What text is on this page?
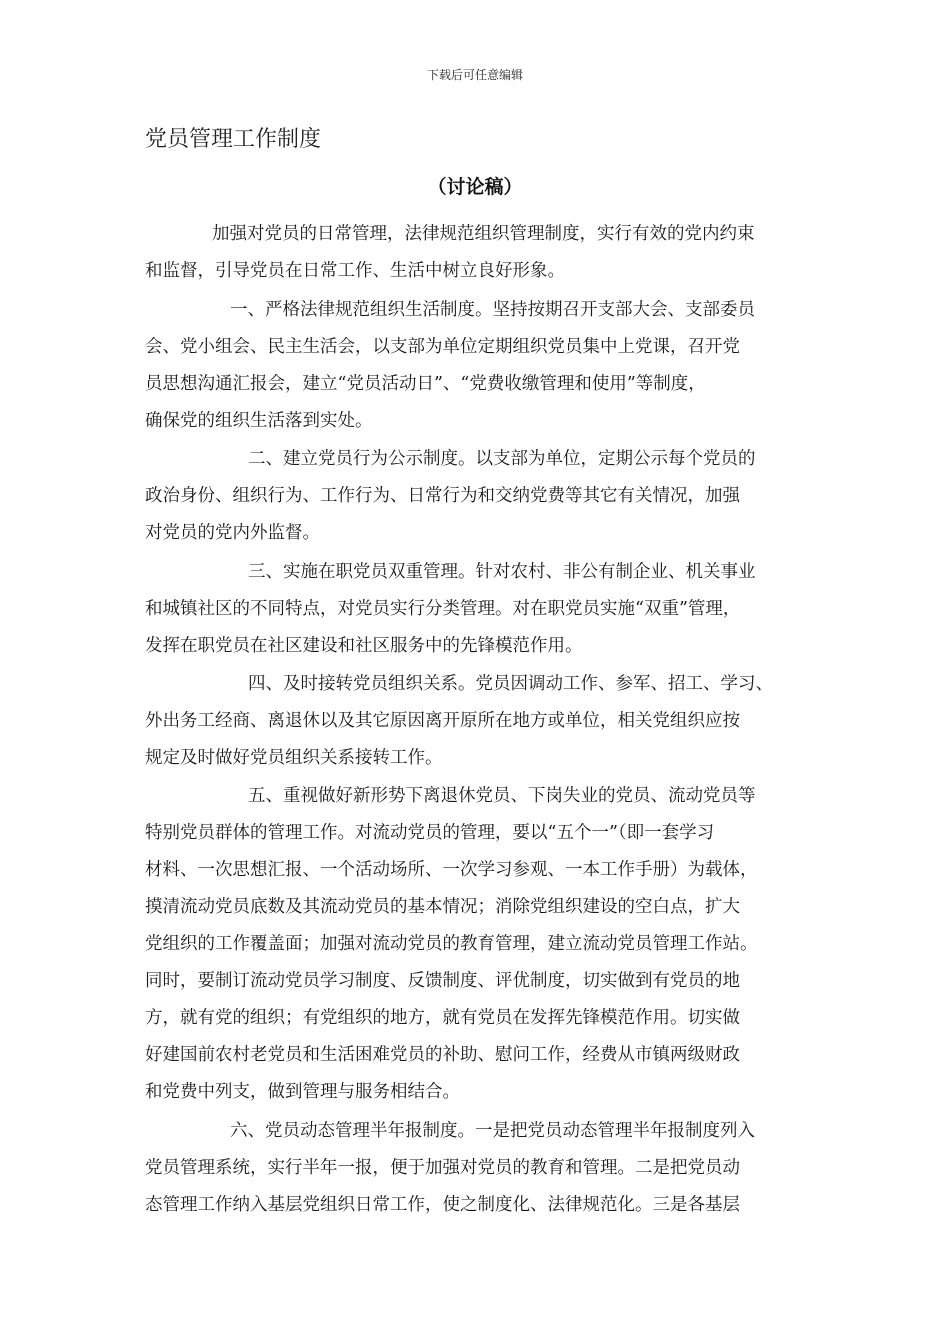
下载后可任意编辑
党员管理工作制度
（讨论稿）
加强对党员的日常管理，法律规范组织管理制度，实行有效的党内约束
和监督，引导党员在日常工作、生活中树立良好形象。
一、严格法律规范组织生活制度。坚持按期召开支部大会、支部委员
会、党小组会、民主生活会，以支部为单位定期组织党员集中上党课，召开党
员思想沟通汇报会，建立“党员活动日”、“党费收缴管理和使用”等制度，
确保党的组织生活落到实处。
二、建立党员行为公示制度。以支部为单位，定期公示每个党员的
政治身份、组织行为、工作行为、日常行为和交纳党费等其它有关情况，加强
对党员的党内外监督。
三、实施在职党员双重管理。针对农村、非公有制企业、机关事业
和城镇社区的不同特点，对党员实行分类管理。对在职党员实施“双重”管理，
发挥在职党员在社区建设和社区服务中的先锋模范作用。
四、及时接转党员组织关系。党员因调动工作、参军、招工、学习、
外出务工经商、离退休以及其它原因离开原所在地方或单位，相关党组织应按
规定及时做好党员组织关系接转工作。
五、重视做好新形势下离退休党员、下岗失业的党员、流动党员等
特别党员群体的管理工作。对流动党员的管理，要以“五个一”（即一套学习
材料、一次思想汇报、一个活动场所、一次学习参观、一本工作手册）为载体，
摸清流动党员底数及其流动党员的基本情况；消除党组织建设的空白点，扩大
党组织的工作覆盖面；加强对流动党员的教育管理，建立流动党员管理工作站。
同时，要制订流动党员学习制度、反馈制度、评优制度，切实做到有党员的地
方，就有党的组织；有党组织的地方，就有党员在发挥先锋模范作用。切实做
好建国前农村老党员和生活困难党员的补助、慰问工作，经费从市镇两级财政
和党费中列支，做到管理与服务相结合。
六、党员动态管理半年报制度。一是把党员动态管理半年报制度列入
党员管理系统，实行半年一报，便于加强对党员的教育和管理。二是把党员动
态管理工作纳入基层党组织日常工作，使之制度化、法律规范化。三是各基层
